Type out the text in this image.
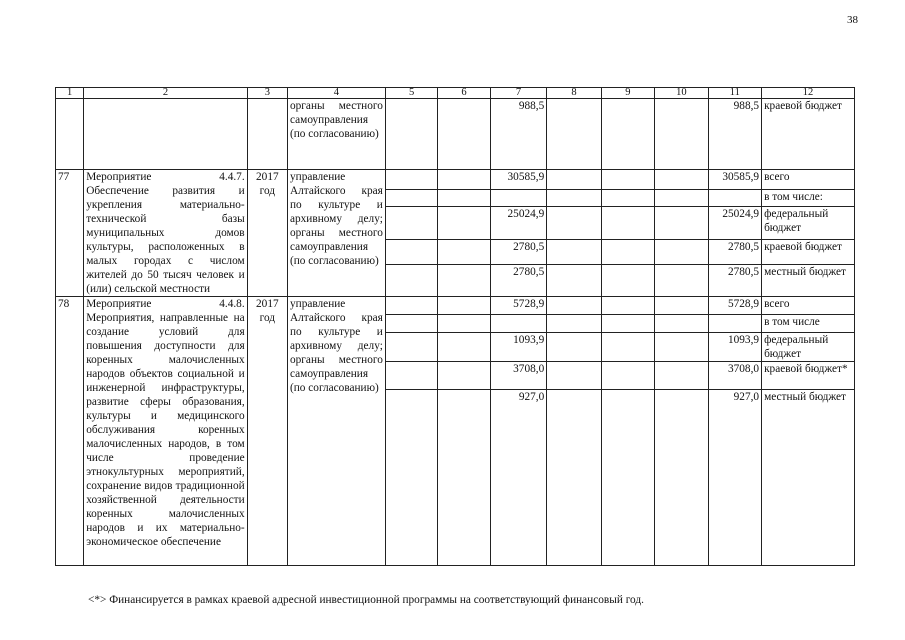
38
1	2	3	4	5	6	7	8	9	10	11	12
			органы местного самоуправления (по согласованию)			988,5				988,5	краевой бюджет
77	Мероприятие 4.4.7. Обеспечение развития и укрепления материально-технической базы муниципальных домов культуры, расположенных в малых городах с числом жителей до 50 тысяч человек и (или) сельской местности	2017 год	управление Алтайского края по культуре и архивному делу; органы местного самоуправления (по согласованию)			30585,9				30585,9	всего
											в том числе:
						25024,9				25024,9	федеральный бюджет
						2780,5				2780,5	краевой бюджет
						2780,5				2780,5	местный бюджет
78	Мероприятие 4.4.8. Мероприятия, направленные на создание условий для повышения доступности для коренных малочисленных народов объектов социальной и инженерной инфраструктуры, развитие сферы образования, культуры и медицинского обслуживания коренных малочисленных народов, в том числе проведение этнокультурных мероприятий, сохранение видов традиционной хозяйственной деятельности коренных малочисленных народов и их материально-экономическое обеспечение	2017 год	управление Алтайского края по культуре и архивному делу; органы местного самоуправления (по согласованию)			5728,9				5728,9	всего
											в том числе
						1093,9				1093,9	федеральный бюджет
						3708,0				3708,0	краевой бюджет*
						927,0				927,0	местный бюджет
<*> Финансируется в рамках краевой адресной инвестиционной программы на соответствующий финансовый год.
